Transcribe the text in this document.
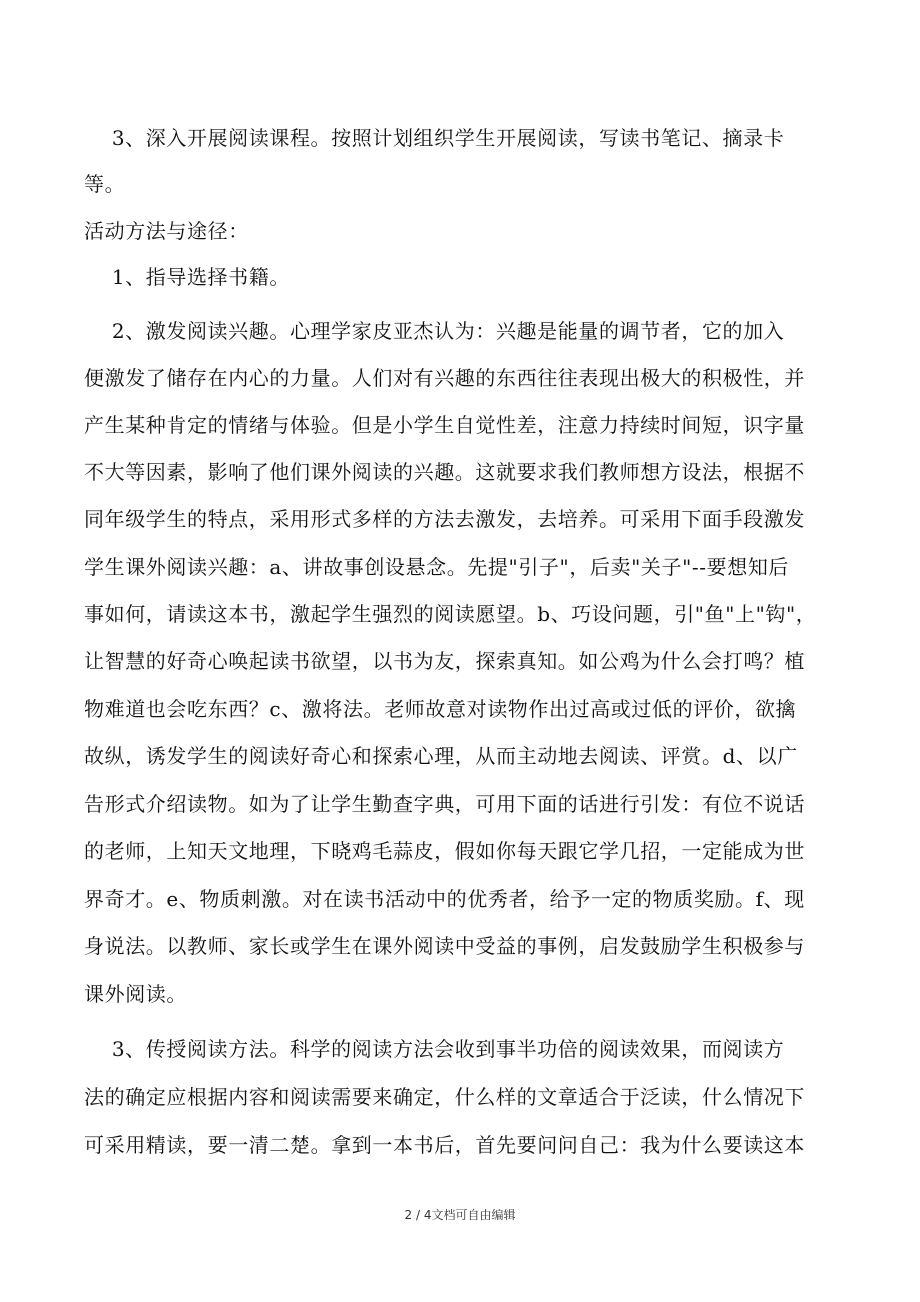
3、深入开展阅读课程。按照计划组织学生开展阅读，写读书笔记、摘录卡
等。
活动方法与途径：
1、指导选择书籍。
2、激发阅读兴趣。心理学家皮亚杰认为：兴趣是能量的调节者，它的加入
便激发了储存在内心的力量。人们对有兴趣的东西往往表现出极大的积极性，并
产生某种肯定的情绪与体验。但是小学生自觉性差，注意力持续时间短，识字量
不大等因素，影响了他们课外阅读的兴趣。这就要求我们教师想方设法，根据不
同年级学生的特点，采用形式多样的方法去激发，去培养。可采用下面手段激发
学生课外阅读兴趣：a、讲故事创设悬念。先提"引子"，后卖"关子"--要想知后
事如何，请读这本书，激起学生强烈的阅读愿望。b、巧设问题，引"鱼"上"钩"，
让智慧的好奇心唤起读书欲望，以书为友，探索真知。如公鸡为什么会打鸣？植
物难道也会吃东西？c、激将法。老师故意对读物作出过高或过低的评价，欲擒
故纵，诱发学生的阅读好奇心和探索心理，从而主动地去阅读、评赏。d、以广
告形式介绍读物。如为了让学生勤查字典，可用下面的话进行引发：有位不说话
的老师，上知天文地理，下晓鸡毛蒜皮，假如你每天跟它学几招，一定能成为世
界奇才。e、物质刺激。对在读书活动中的优秀者，给予一定的物质奖励。f、现
身说法。以教师、家长或学生在课外阅读中受益的事例，启发鼓励学生积极参与
课外阅读。
3、传授阅读方法。科学的阅读方法会收到事半功倍的阅读效果，而阅读方
法的确定应根据内容和阅读需要来确定，什么样的文章适合于泛读，什么情况下
可采用精读，要一清二楚。拿到一本书后，首先要问问自己：我为什么要读这本
2 / 4文档可自由编辑
